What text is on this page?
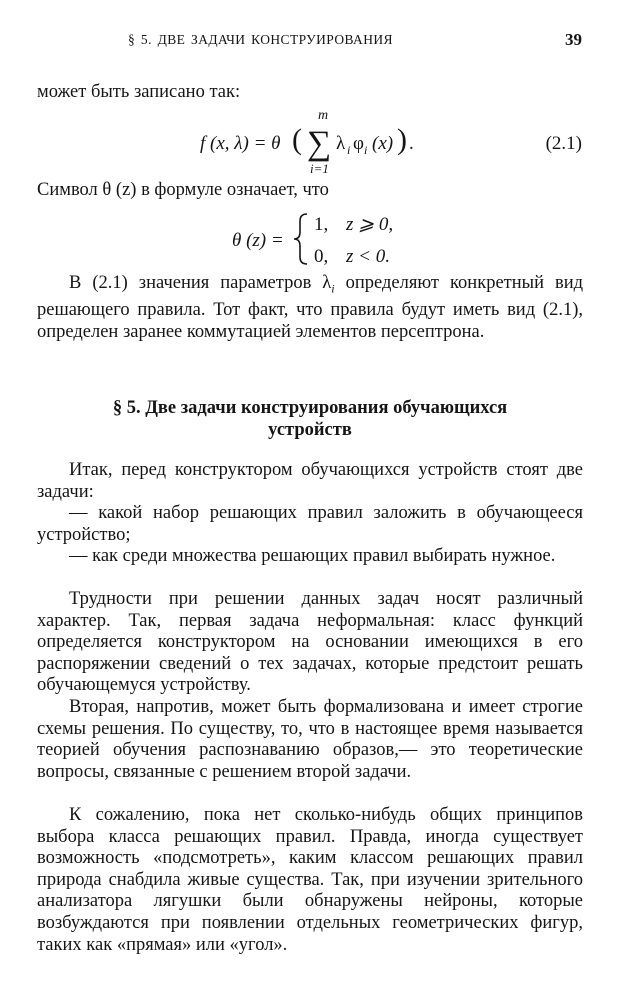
§ 5. ДВЕ ЗАДАЧИ КОНСТРУИРОВАНИЯ	39

может быть записано так:

f (x, λ) = θ (
m
∑
i=1
λ i φ i (x) ) .	(2.1)

Символ θ (z) в формуле означает, что

θ (z) =
1, z ⩾ 0,
0, z < 0.

В (2.1) значения параметров $\lambda_i$ определяют конкретный вид решающего правила. Тот факт, что правила будут иметь вид (2.1), определен заранее коммутацией элементов персептрона.

§ 5. Две задачи конструирования обучающихся
устройств

Итак, перед конструктором обучающихся устройств стоят две задачи:

— какой набор решающих правил заложить в обучающееся устройство;

— как среди множества решающих правил выбирать нужное.

Трудности при решении данных задач носят различный характер. Так, первая задача неформальная: класс функций определяется конструктором на основании имеющихся в его распоряжении сведений о тех задачах, которые предстоит решать обучающемуся устройству.

Вторая, напротив, может быть формализована и имеет строгие схемы решения. По существу, то, что в настоящее время называется теорией обучения распознаванию образов,— это теоретические вопросы, связанные с решением второй задачи.

К сожалению, пока нет сколько-нибудь общих принципов выбора класса решающих правил. Правда, иногда существует возможность «подсмотреть», каким классом решающих правил природа снабдила живые существа. Так, при изучении зрительного анализатора лягушки были обнаружены нейроны, которые возбуждаются при появлении отдельных геометрических фигур, таких как «прямая» или «угол».
